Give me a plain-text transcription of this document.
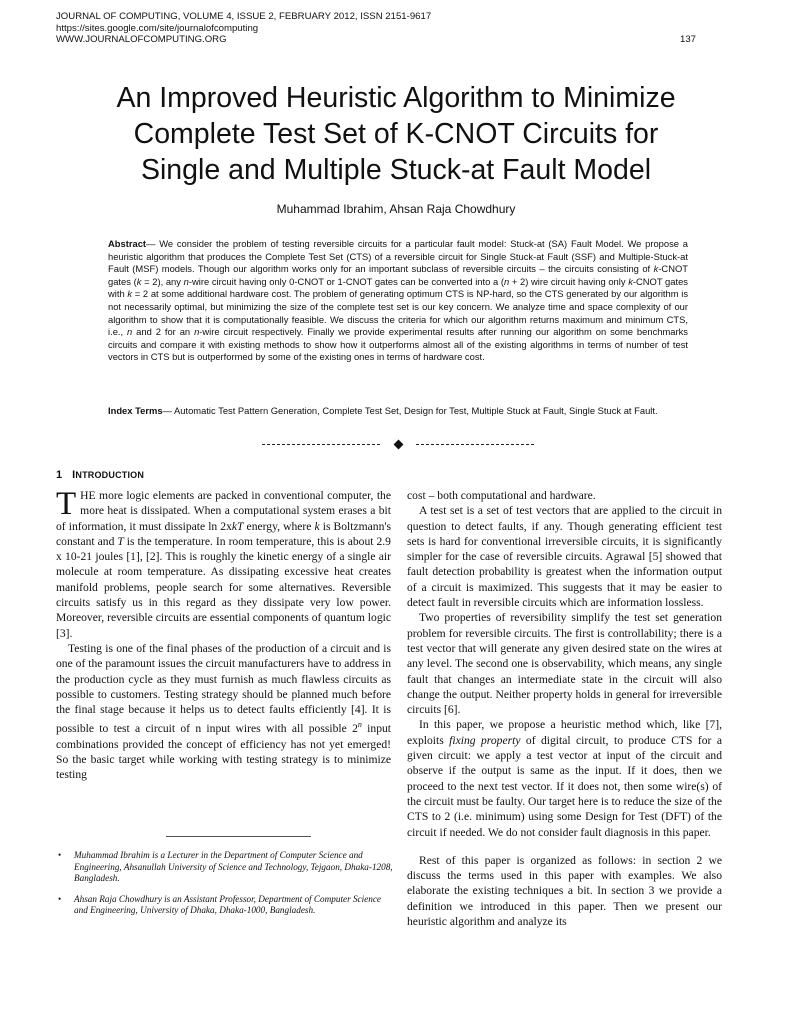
JOURNAL OF COMPUTING, VOLUME 4, ISSUE 2, FEBRUARY 2012, ISSN 2151-9617
https://sites.google.com/site/journalofcomputing
WWW.JOURNALOFCOMPUTING.ORG	137
An Improved Heuristic Algorithm to Minimize
Complete Test Set of K-CNOT Circuits for
Single and Multiple Stuck-at Fault Model
Muhammad Ibrahim, Ahsan Raja Chowdhury

Abstract— We consider the problem of testing reversible circuits for a particular fault model: Stuck-at (SA) Fault Model. We propose a heuristic algorithm that produces the Complete Test Set (CTS) of a reversible circuit for Single Stuck-at Fault (SSF) and Multiple-Stuck-at Fault (MSF) models. Though our algorithm works only for an important subclass of reversible circuits – the circuits consisting of k-CNOT gates (k = 2), any n-wire circuit having only 0-CNOT or 1-CNOT gates can be converted into a (n + 2) wire circuit having only k-CNOT gates with k = 2 at some additional hardware cost. The problem of generating optimum CTS is NP-hard, so the CTS generated by our algorithm is not necessarily optimal, but minimizing the size of the complete test set is our key concern. We analyze time and space complexity of our algorithm to show that it is computationally feasible. We discuss the criteria for which our algorithm returns maximum and minimum CTS, i.e., n and 2 for an n-wire circuit respectively. Finally we provide experimental results after running our algorithm on some benchmarks circuits and compare it with existing methods to show how it outperforms almost all of the existing algorithms in terms of number of test vectors in CTS but is outperformed by some of the existing ones in terms of hardware cost.

Index Terms— Automatic Test Pattern Generation, Complete Test Set, Design for Test, Multiple Stuck at Fault, Single Stuck at Fault.

1 INTRODUCTION

THE more logic elements are packed in conventional computer, the more heat is dissipated. When a computational system erases a bit of information, it must dissipate ln 2xkT energy, where k is Boltzmann's constant and T is the temperature. In room temperature, this is about 2.9 x 10-21 joules [1], [2]. This is roughly the kinetic energy of a single air molecule at room temperature. As dissipating excessive heat creates manifold problems, people search for some alternatives. Reversible circuits satisfy us in this regard as they dissipate very low power. Moreover, reversible circuits are essential components of quantum logic [3].

Testing is one of the final phases of the production of a circuit and is one of the paramount issues the circuit manufacturers have to address in the production cycle as they must furnish as much flawless circuits as possible to customers. Testing strategy should be planned much before the final stage because it helps us to detect faults efficiently [4]. It is possible to test a circuit of n input wires with all possible 2$^n$ input combinations provided the concept of efficiency has not yet emerged! So the basic target while working with testing strategy is to minimize testing

• Muhammad Ibrahim is a Lecturer in the Department of Computer Science and Engineering, Ahsanullah University of Science and Technology, Tejgaon, Dhaka-1208, Bangladesh.

• Ahsan Raja Chowdhury is an Assistant Professor, Department of Computer Science and Engineering, University of Dhaka, Dhaka-1000, Bangladesh.

cost – both computational and hardware.

A test set is a set of test vectors that are applied to the circuit in question to detect faults, if any. Though generating efficient test sets is hard for conventional irreversible circuits, it is significantly simpler for the case of reversible circuits. Agrawal [5] showed that fault detection probability is greatest when the information output of a circuit is maximized. This suggests that it may be easier to detect fault in reversible circuits which are information lossless.

Two properties of reversibility simplify the test set generation problem for reversible circuits. The first is controllability; there is a test vector that will generate any given desired state on the wires at any level. The second one is observability, which means, any single fault that changes an intermediate state in the circuit will also change the output. Neither property holds in general for irreversible circuits [6].

In this paper, we propose a heuristic method which, like [7], exploits fixing property of digital circuit, to produce CTS for a given circuit: we apply a test vector at input of the circuit and observe if the output is same as the input. If it does, then we proceed to the next test vector. If it does not, then some wire(s) of the circuit must be faulty. Our target here is to reduce the size of the CTS to 2 (i.e. minimum) using some Design for Test (DFT) of the circuit if needed. We do not consider fault diagnosis in this paper.

Rest of this paper is organized as follows: in section 2 we discuss the terms used in this paper with examples. We also elaborate the existing techniques a bit. In section 3 we provide a definition we introduced in this paper. Then we present our heuristic algorithm and analyze its
